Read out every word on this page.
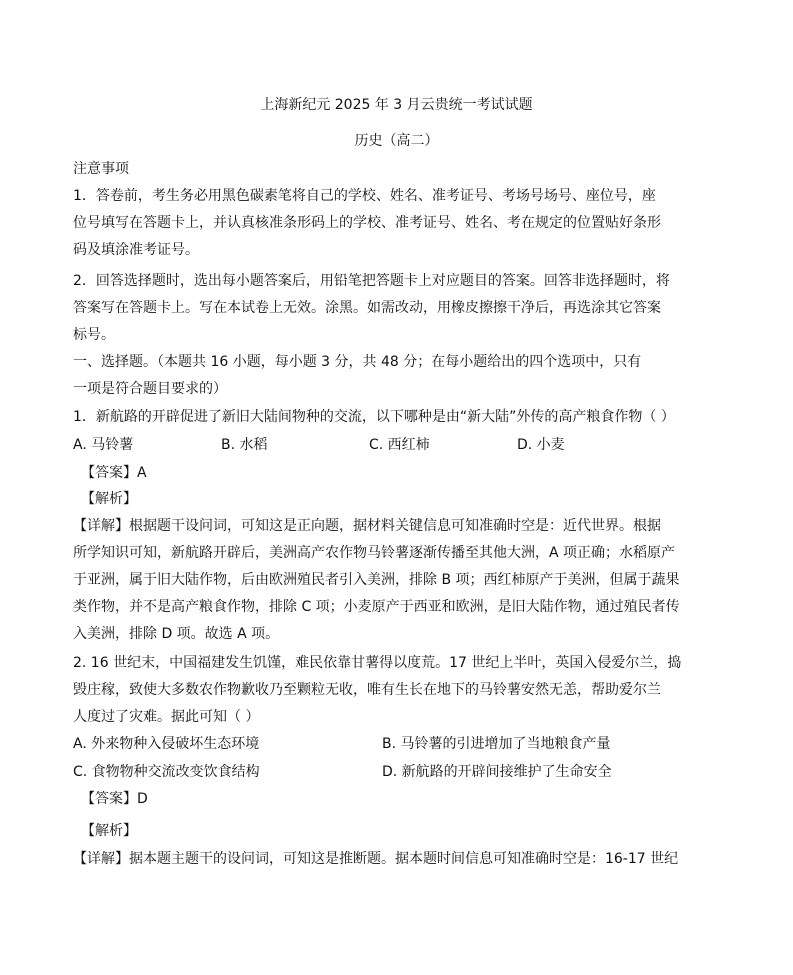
上海新纪元 2025 年 3 月云贵统一考试试题
历史（高二）
注意事项
1．答卷前，考生务必用黑色碳素笔将自己的学校、姓名、准考证号、考场号场号、座位号，座
位号填写在答题卡上，并认真核准条形码上的学校、准考证号、姓名、考在规定的位置贴好条形
码及填涂准考证号。
2．回答选择题时，选出每小题答案后，用铅笔把答题卡上对应题目的答案。回答非选择题时，将
答案写在答题卡上。写在本试卷上无效。涂黑。如需改动，用橡皮擦擦干净后，再选涂其它答案
标号。
一、选择题。（本题共 16 小题，每小题 3 分，共 48 分；在每小题给出的四个选项中，只有
一项是符合题目要求的）
1．新航路的开辟促进了新旧大陆间物种的交流，以下哪种是由“新大陆”外传的高产粮食作物（ ）
A. 马铃薯	B. 水稻	C. 西红柿	D. 小麦
【答案】A
【解析】
【详解】根据题干设问词，可知这是正向题，据材料关键信息可知准确时空是：近代世界。根据
所学知识可知，新航路开辟后，美洲高产农作物马铃薯逐渐传播至其他大洲，A 项正确；水稻原产
于亚洲，属于旧大陆作物，后由欧洲殖民者引入美洲，排除 B 项；西红柿原产于美洲，但属于蔬果
类作物，并不是高产粮食作物，排除 C 项；小麦原产于西亚和欧洲，是旧大陆作物，通过殖民者传
入美洲，排除 D 项。故选 A 项。
2. 16 世纪末，中国福建发生饥馑，难民依靠甘薯得以度荒。17 世纪上半叶，英国入侵爱尔兰，捣
毁庄稼，致使大多数农作物歉收乃至颗粒无收，唯有生长在地下的马铃薯安然无恙，帮助爱尔兰
人度过了灾难。据此可知（ ）
A. 外来物种入侵破坏生态环境	B. 马铃薯的引进增加了当地粮食产量
C. 食物物种交流改变饮食结构	D. 新航路的开辟间接维护了生命安全
【答案】D
【解析】
【详解】据本题主题干的设问词，可知这是推断题。据本题时间信息可知准确时空是：16-17 世纪
